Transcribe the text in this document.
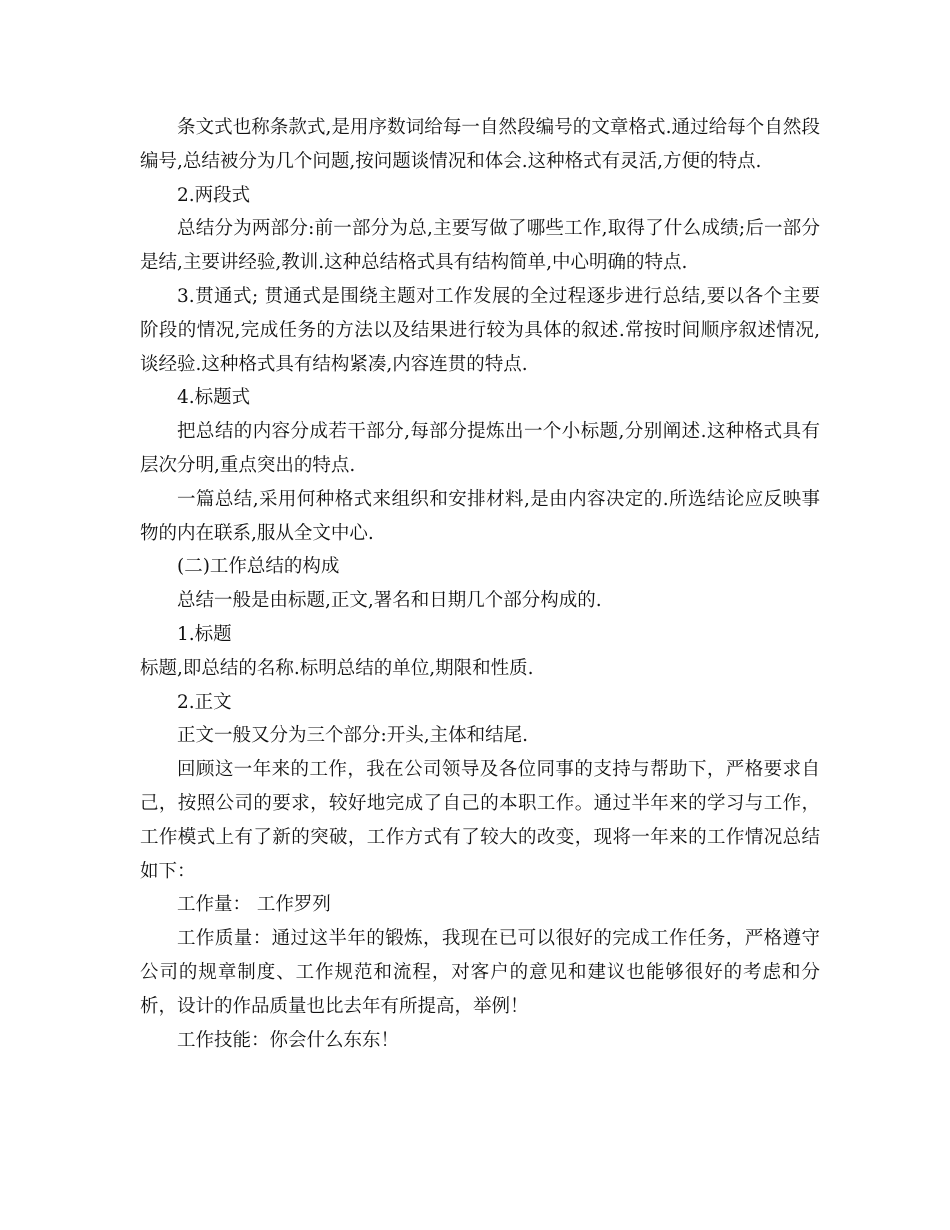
条文式也称条款式,是用序数词给每一自然段编号的文章格式.通过给每个自然段编号,总结被分为几个问题,按问题谈情况和体会.这种格式有灵活,方便的特点.

2.两段式

总结分为两部分:前一部分为总,主要写做了哪些工作,取得了什么成绩;后一部分是结,主要讲经验,教训.这种总结格式具有结构简单,中心明确的特点.

3.贯通式; 贯通式是围绕主题对工作发展的全过程逐步进行总结,要以各个主要阶段的情况,完成任务的方法以及结果进行较为具体的叙述.常按时间顺序叙述情况,谈经验.这种格式具有结构紧凑,内容连贯的特点.

4.标题式

把总结的内容分成若干部分,每部分提炼出一个小标题,分别阐述.这种格式具有层次分明,重点突出的特点.

一篇总结,采用何种格式来组织和安排材料,是由内容决定的.所选结论应反映事物的内在联系,服从全文中心.

(二)工作总结的构成

总结一般是由标题,正文,署名和日期几个部分构成的.

1.标题

标题,即总结的名称.标明总结的单位,期限和性质.

2.正文

正文一般又分为三个部分:开头,主体和结尾.

回顾这一年来的工作，我在公司领导及各位同事的支持与帮助下，严格要求自己，按照公司的要求，较好地完成了自己的本职工作。通过半年来的学习与工作，工作模式上有了新的突破，工作方式有了较大的改变，现将一年来的工作情况总结如下：

工作量： 工作罗列

工作质量：通过这半年的锻炼，我现在已可以很好的完成工作任务，严格遵守公司的规章制度、工作规范和流程，对客户的意见和建议也能够很好的考虑和分析，设计的作品质量也比去年有所提高，举例！

工作技能：你会什么东东！
